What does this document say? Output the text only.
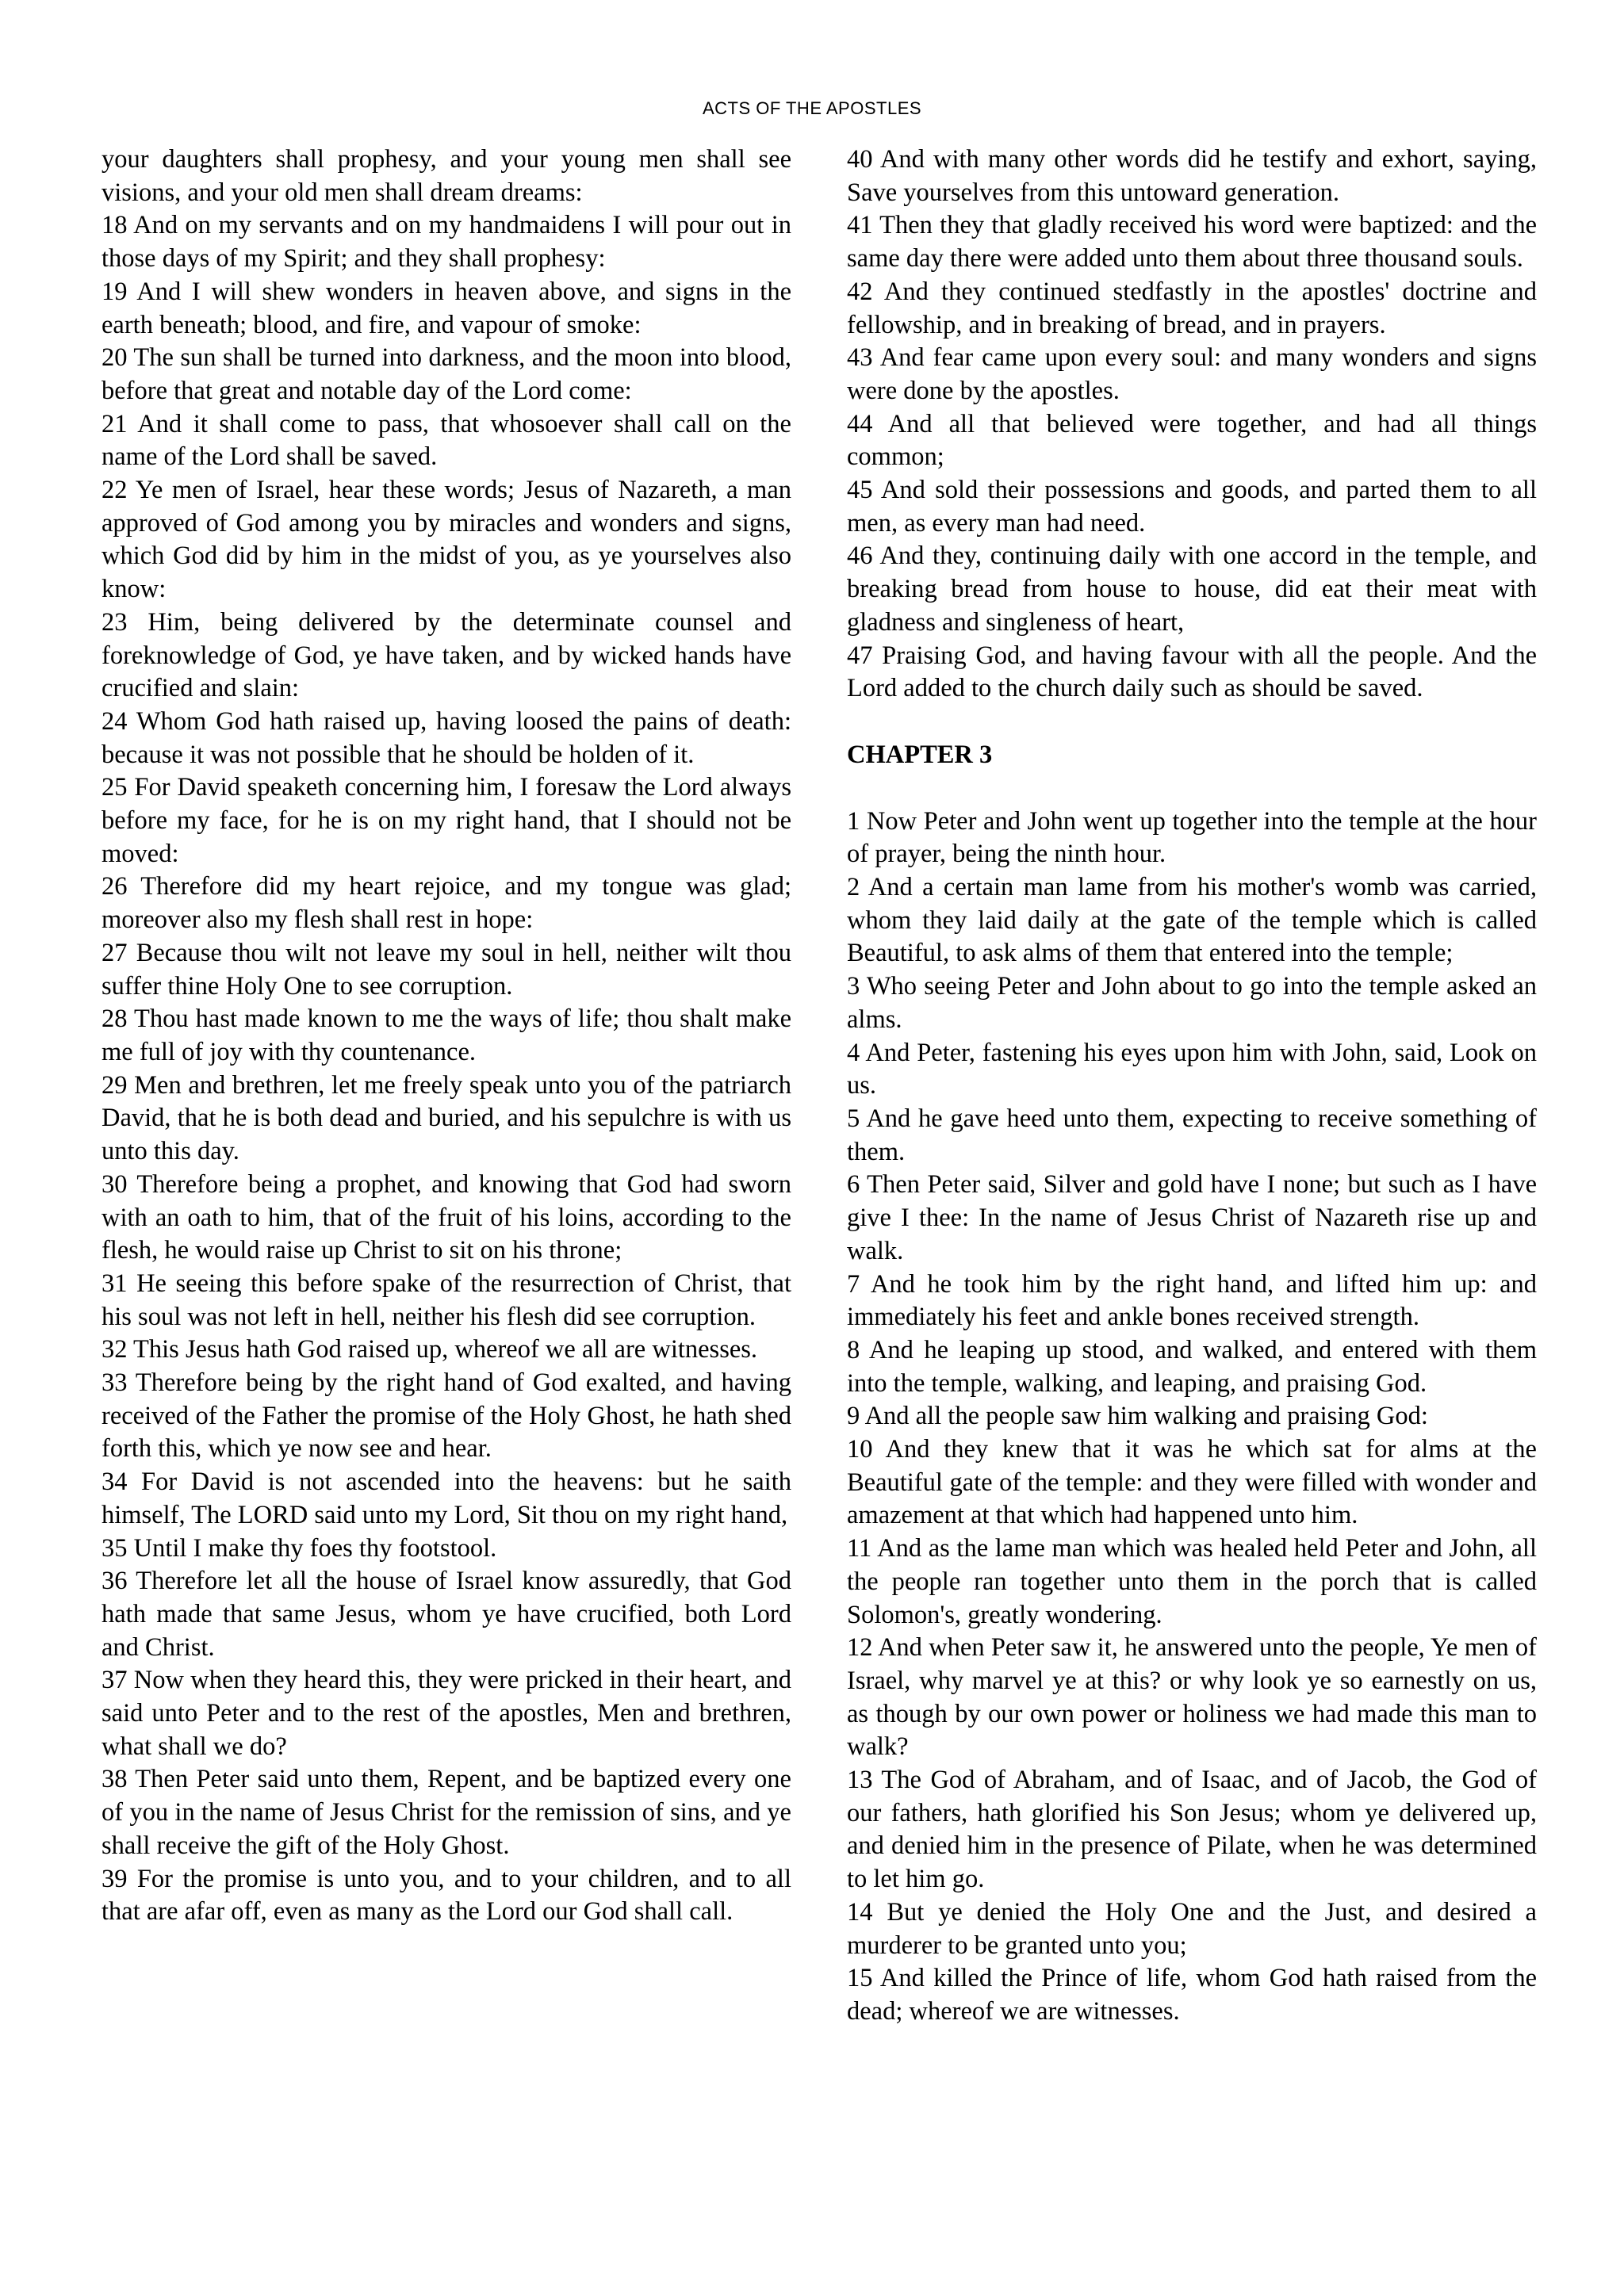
ACTS OF THE APOSTLES

your daughters shall prophesy, and your young men shall see visions, and your old men shall dream dreams:

18 And on my servants and on my handmaidens I will pour out in those days of my Spirit; and they shall prophesy:

19 And I will shew wonders in heaven above, and signs in the earth beneath; blood, and fire, and vapour of smoke:

20 The sun shall be turned into darkness, and the moon into blood, before that great and notable day of the Lord come:

21 And it shall come to pass, that whosoever shall call on the name of the Lord shall be saved.

22 Ye men of Israel, hear these words; Jesus of Nazareth, a man approved of God among you by miracles and wonders and signs, which God did by him in the midst of you, as ye yourselves also know:

23 Him, being delivered by the determinate counsel and foreknowledge of God, ye have taken, and by wicked hands have crucified and slain:

24 Whom God hath raised up, having loosed the pains of death: because it was not possible that he should be holden of it.

25 For David speaketh concerning him, I foresaw the Lord always before my face, for he is on my right hand, that I should not be moved:

26 Therefore did my heart rejoice, and my tongue was glad; moreover also my flesh shall rest in hope:

27 Because thou wilt not leave my soul in hell, neither wilt thou suffer thine Holy One to see corruption.

28 Thou hast made known to me the ways of life; thou shalt make me full of joy with thy countenance.

29 Men and brethren, let me freely speak unto you of the patriarch David, that he is both dead and buried, and his sepulchre is with us unto this day.

30 Therefore being a prophet, and knowing that God had sworn with an oath to him, that of the fruit of his loins, according to the flesh, he would raise up Christ to sit on his throne;

31 He seeing this before spake of the resurrection of Christ, that his soul was not left in hell, neither his flesh did see corruption.

32 This Jesus hath God raised up, whereof we all are witnesses.

33 Therefore being by the right hand of God exalted, and having received of the Father the promise of the Holy Ghost, he hath shed forth this, which ye now see and hear.

34 For David is not ascended into the heavens: but he saith himself, The LORD said unto my Lord, Sit thou on my right hand,

35 Until I make thy foes thy footstool.

36 Therefore let all the house of Israel know assuredly, that God hath made that same Jesus, whom ye have crucified, both Lord and Christ.

37 Now when they heard this, they were pricked in their heart, and said unto Peter and to the rest of the apostles, Men and brethren, what shall we do?

38 Then Peter said unto them, Repent, and be baptized every one of you in the name of Jesus Christ for the remission of sins, and ye shall receive the gift of the Holy Ghost.

39 For the promise is unto you, and to your children, and to all that are afar off, even as many as the Lord our God shall call.

40 And with many other words did he testify and exhort, saying, Save yourselves from this untoward generation.

41 Then they that gladly received his word were baptized: and the same day there were added unto them about three thousand souls.

42 And they continued stedfastly in the apostles' doctrine and fellowship, and in breaking of bread, and in prayers.

43 And fear came upon every soul: and many wonders and signs were done by the apostles.

44 And all that believed were together, and had all things common;

45 And sold their possessions and goods, and parted them to all men, as every man had need.

46 And they, continuing daily with one accord in the temple, and breaking bread from house to house, did eat their meat with gladness and singleness of heart,

47 Praising God, and having favour with all the people. And the Lord added to the church daily such as should be saved.

CHAPTER 3

1 Now Peter and John went up together into the temple at the hour of prayer, being the ninth hour.

2 And a certain man lame from his mother's womb was carried, whom they laid daily at the gate of the temple which is called Beautiful, to ask alms of them that entered into the temple;

3 Who seeing Peter and John about to go into the temple asked an alms.

4 And Peter, fastening his eyes upon him with John, said, Look on us.

5 And he gave heed unto them, expecting to receive something of them.

6 Then Peter said, Silver and gold have I none; but such as I have give I thee: In the name of Jesus Christ of Nazareth rise up and walk.

7 And he took him by the right hand, and lifted him up: and immediately his feet and ankle bones received strength.

8 And he leaping up stood, and walked, and entered with them into the temple, walking, and leaping, and praising God.

9 And all the people saw him walking and praising God:

10 And they knew that it was he which sat for alms at the Beautiful gate of the temple: and they were filled with wonder and amazement at that which had happened unto him.

11 And as the lame man which was healed held Peter and John, all the people ran together unto them in the porch that is called Solomon's, greatly wondering.

12 And when Peter saw it, he answered unto the people, Ye men of Israel, why marvel ye at this? or why look ye so earnestly on us, as though by our own power or holiness we had made this man to walk?

13 The God of Abraham, and of Isaac, and of Jacob, the God of our fathers, hath glorified his Son Jesus; whom ye delivered up, and denied him in the presence of Pilate, when he was determined to let him go.

14 But ye denied the Holy One and the Just, and desired a murderer to be granted unto you;

15 And killed the Prince of life, whom God hath raised from the dead; whereof we are witnesses.
